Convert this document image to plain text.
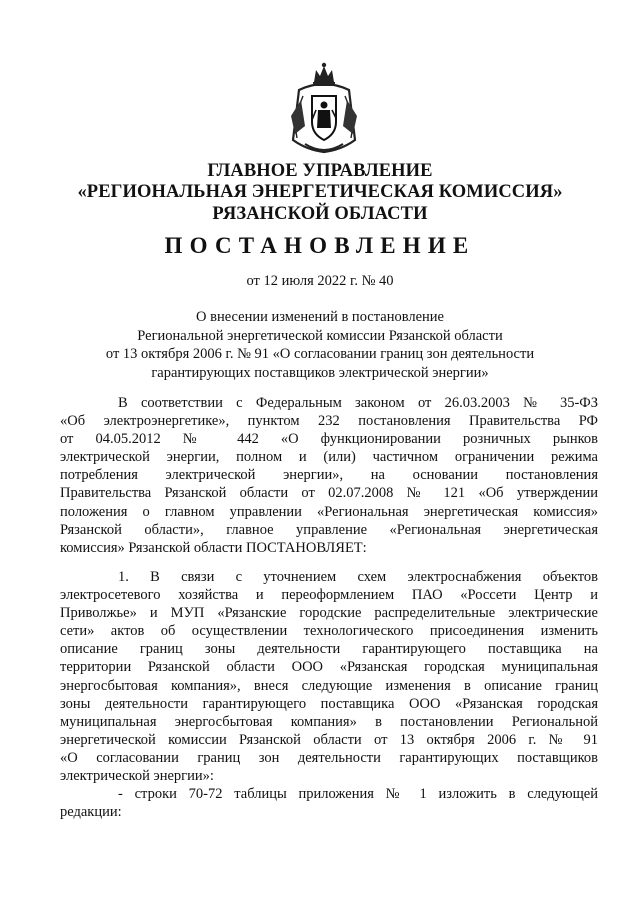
ГЛАВНОЕ УПРАВЛЕНИЕ
«РЕГИОНАЛЬНАЯ ЭНЕРГЕТИЧЕСКАЯ КОМИССИЯ»
РЯЗАНСКОЙ ОБЛАСТИ
ПОСТАНОВЛЕНИЕ
от 12 июля 2022 г. № 40
О внесении изменений в постановление
Региональной энергетической комиссии Рязанской области
от 13 октября 2006 г. № 91 «О согласовании границ зон деятельности
гарантирующих поставщиков электрической энергии»
В соответствии с Федеральным законом от 26.03.2003 № 35-ФЗ
«Об электроэнергетике», пунктом 232 постановления Правительства РФ
от 04.05.2012 № 442 «О функционировании розничных рынков
электрической энергии, полном и (или) частичном ограничении режима
потребления электрической энергии», на основании постановления
Правительства Рязанской области от 02.07.2008 № 121 «Об утверждении
положения о главном управлении «Региональная энергетическая комиссия»
Рязанской области», главное управление «Региональная энергетическая
комиссия» Рязанской области ПОСТАНОВЛЯЕТ:
1. В связи с уточнением схем электроснабжения объектов
электросетевого хозяйства и переоформлением ПАО «Россети Центр и
Приволжье» и МУП «Рязанские городские распределительные электрические
сети» актов об осуществлении технологического присоединения изменить
описание границ зоны деятельности гарантирующего поставщика на
территории Рязанской области ООО «Рязанская городская муниципальная
энергосбытовая компания», внеся следующие изменения в описание границ
зоны деятельности гарантирующего поставщика ООО «Рязанская городская
муниципальная энергосбытовая компания» в постановлении Региональной
энергетической комиссии Рязанской области от 13 октября 2006 г. № 91
«О согласовании границ зон деятельности гарантирующих поставщиков
электрической энергии»:
- строки 70-72 таблицы приложения № 1 изложить в следующей
редакции:
